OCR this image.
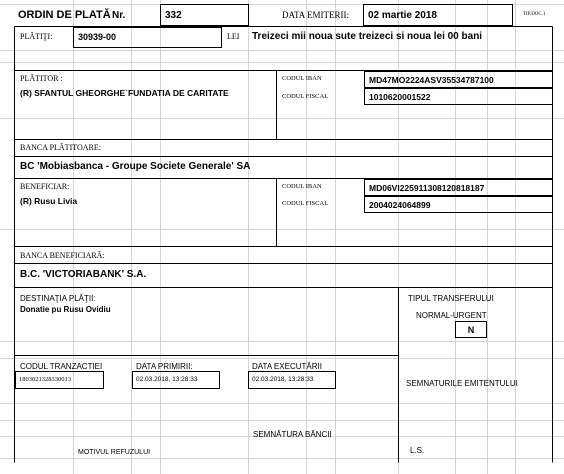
ORDIN DE PLATĂ Nr.	332	DATA EMITERII: 02 martie 2018	TIP.DOC.1
PLĂTIŢI:	30939-00	LEI Treizeci mii noua sute treizeci si noua lei 00 bani
PLĂTITOR :
(R) SFANTUL GHEORGHE`FUNDATIA DE CARITATE
CODUL IBAN	MD47MO2224ASV35534787100
CODUL FISCAL	1010620001522
BANCA PLĂTITOARE:
BC 'Mobiasbanca - Groupe Societe Generale' SA
BENEFICIAR:
(R) Rusu Livia
CODUL IBAN	MD06VI225911308120818187
CODUL FISCAL	2004024064899
BANCA BENEFICIARĂ:
B.C. 'VICTORIABANK' S.A.
DESTINAŢIA PLĂŢII:
Donatie pu Rusu Ovidiu
TIPUL TRANSFERULUI
NORMAL-URGENT
N
CODUL TRANZACTIEI
1803021328330013
DATA PRIMIRII:
02.03.2018, 13:28:33
DATA EXECUTĂRII
02.03.2018, 13:28:33	SEMNATURILE EMITENTULUI
SEMNĂTURA BĂNCII
MOTIVUL REFUZULUI	L.S.
